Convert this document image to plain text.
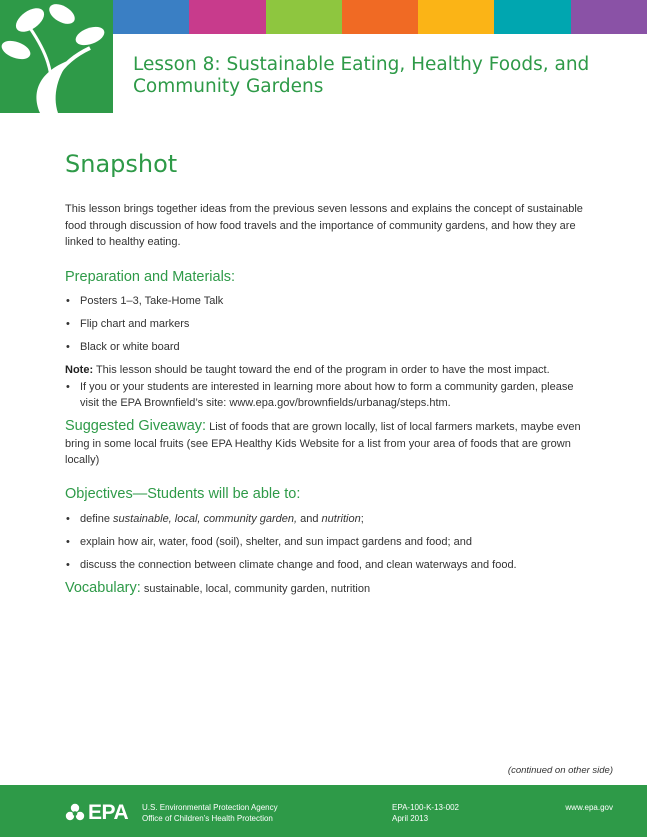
Lesson 8: Sustainable Eating, Healthy Foods, and Community Gardens
Snapshot

This lesson brings together ideas from the previous seven lessons and explains the concept of sustainable food through discussion of how food travels and the importance of community gardens, and how they are linked to healthy eating.

Preparation and Materials:
• Posters 1–3, Take-Home Talk
• Flip chart and markers
• Black or white board

Note: This lesson should be taught toward the end of the program in order to have the most impact.

• If you or your students are interested in learning more about how to form a community garden, please visit the EPA Brownfield’s site: www.epa.gov/brownfields/urbanag/steps.htm.

Suggested Giveaway: List of foods that are grown locally, list of local farmers markets, maybe even bring in some local fruits (see EPA Healthy Kids Website for a list from your area of foods that are grown locally)

Objectives—Students will be able to:
• define sustainable, local, community garden, and nutrition;
• explain how air, water, food (soil), shelter, and sun impact gardens and food; and
• discuss the connection between climate change and food, and clean waterways and food.

Vocabulary: sustainable, local, community garden, nutrition

(continued on other side)
EPA U.S. Environmental Protection Agency
Office of Children’s Health Protection
EPA-100-K-13-002
April 2013
www.epa.gov
